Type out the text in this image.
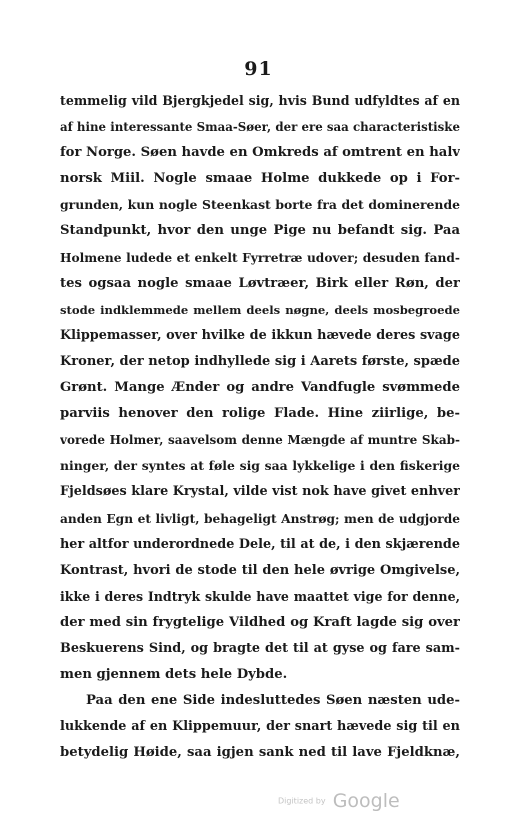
91
temmelig vild Bjergkjedel sig, hvis Bund udfyldtes af en
af hine interessante Smaa-Søer, der ere saa characteristiske
for Norge. Søen havde en Omkreds af omtrent en halv
norsk Miil. Nogle smaae Holme dukkede op i For-
grunden, kun nogle Steenkast borte fra det dominerende
Standpunkt, hvor den unge Pige nu befandt sig. Paa
Holmene ludede et enkelt Fyrretræ udover; desuden fand-
tes ogsaa nogle smaae Løvtræer, Birk eller Røn, der
stode indklemmede mellem deels nøgne, deels mosbegroede
Klippemasser, over hvilke de ikkun hævede deres svage
Kroner, der netop indhyllede sig i Aarets første, spæde
Grønt. Mange Ænder og andre Vandfugle svømmede
parviis henover den rolige Flade. Hine ziirlige, be-
vorede Holmer, saavelsom denne Mængde af muntre Skab-
ninger, der syntes at føle sig saa lykkelige i den fiskerige
Fjeldsøes klare Krystal, vilde vist nok have givet enhver
anden Egn et livligt, behageligt Anstrøg; men de udgjorde
her altfor underordnede Dele, til at de, i den skjærende
Kontrast, hvori de stode til den hele øvrige Omgivelse,
ikke i deres Indtryk skulde have maattet vige for denne,
der med sin frygtelige Vildhed og Kraft lagde sig over
Beskuerens Sind, og bragte det til at gyse og fare sam-
men gjennem dets hele Dybde.
Paa den ene Side indesluttedes Søen næsten ude-
lukkende af en Klippemuur, der snart hævede sig til en
betydelig Høide, saa igjen sank ned til lave Fjeldknæ,
Digitized by Google
